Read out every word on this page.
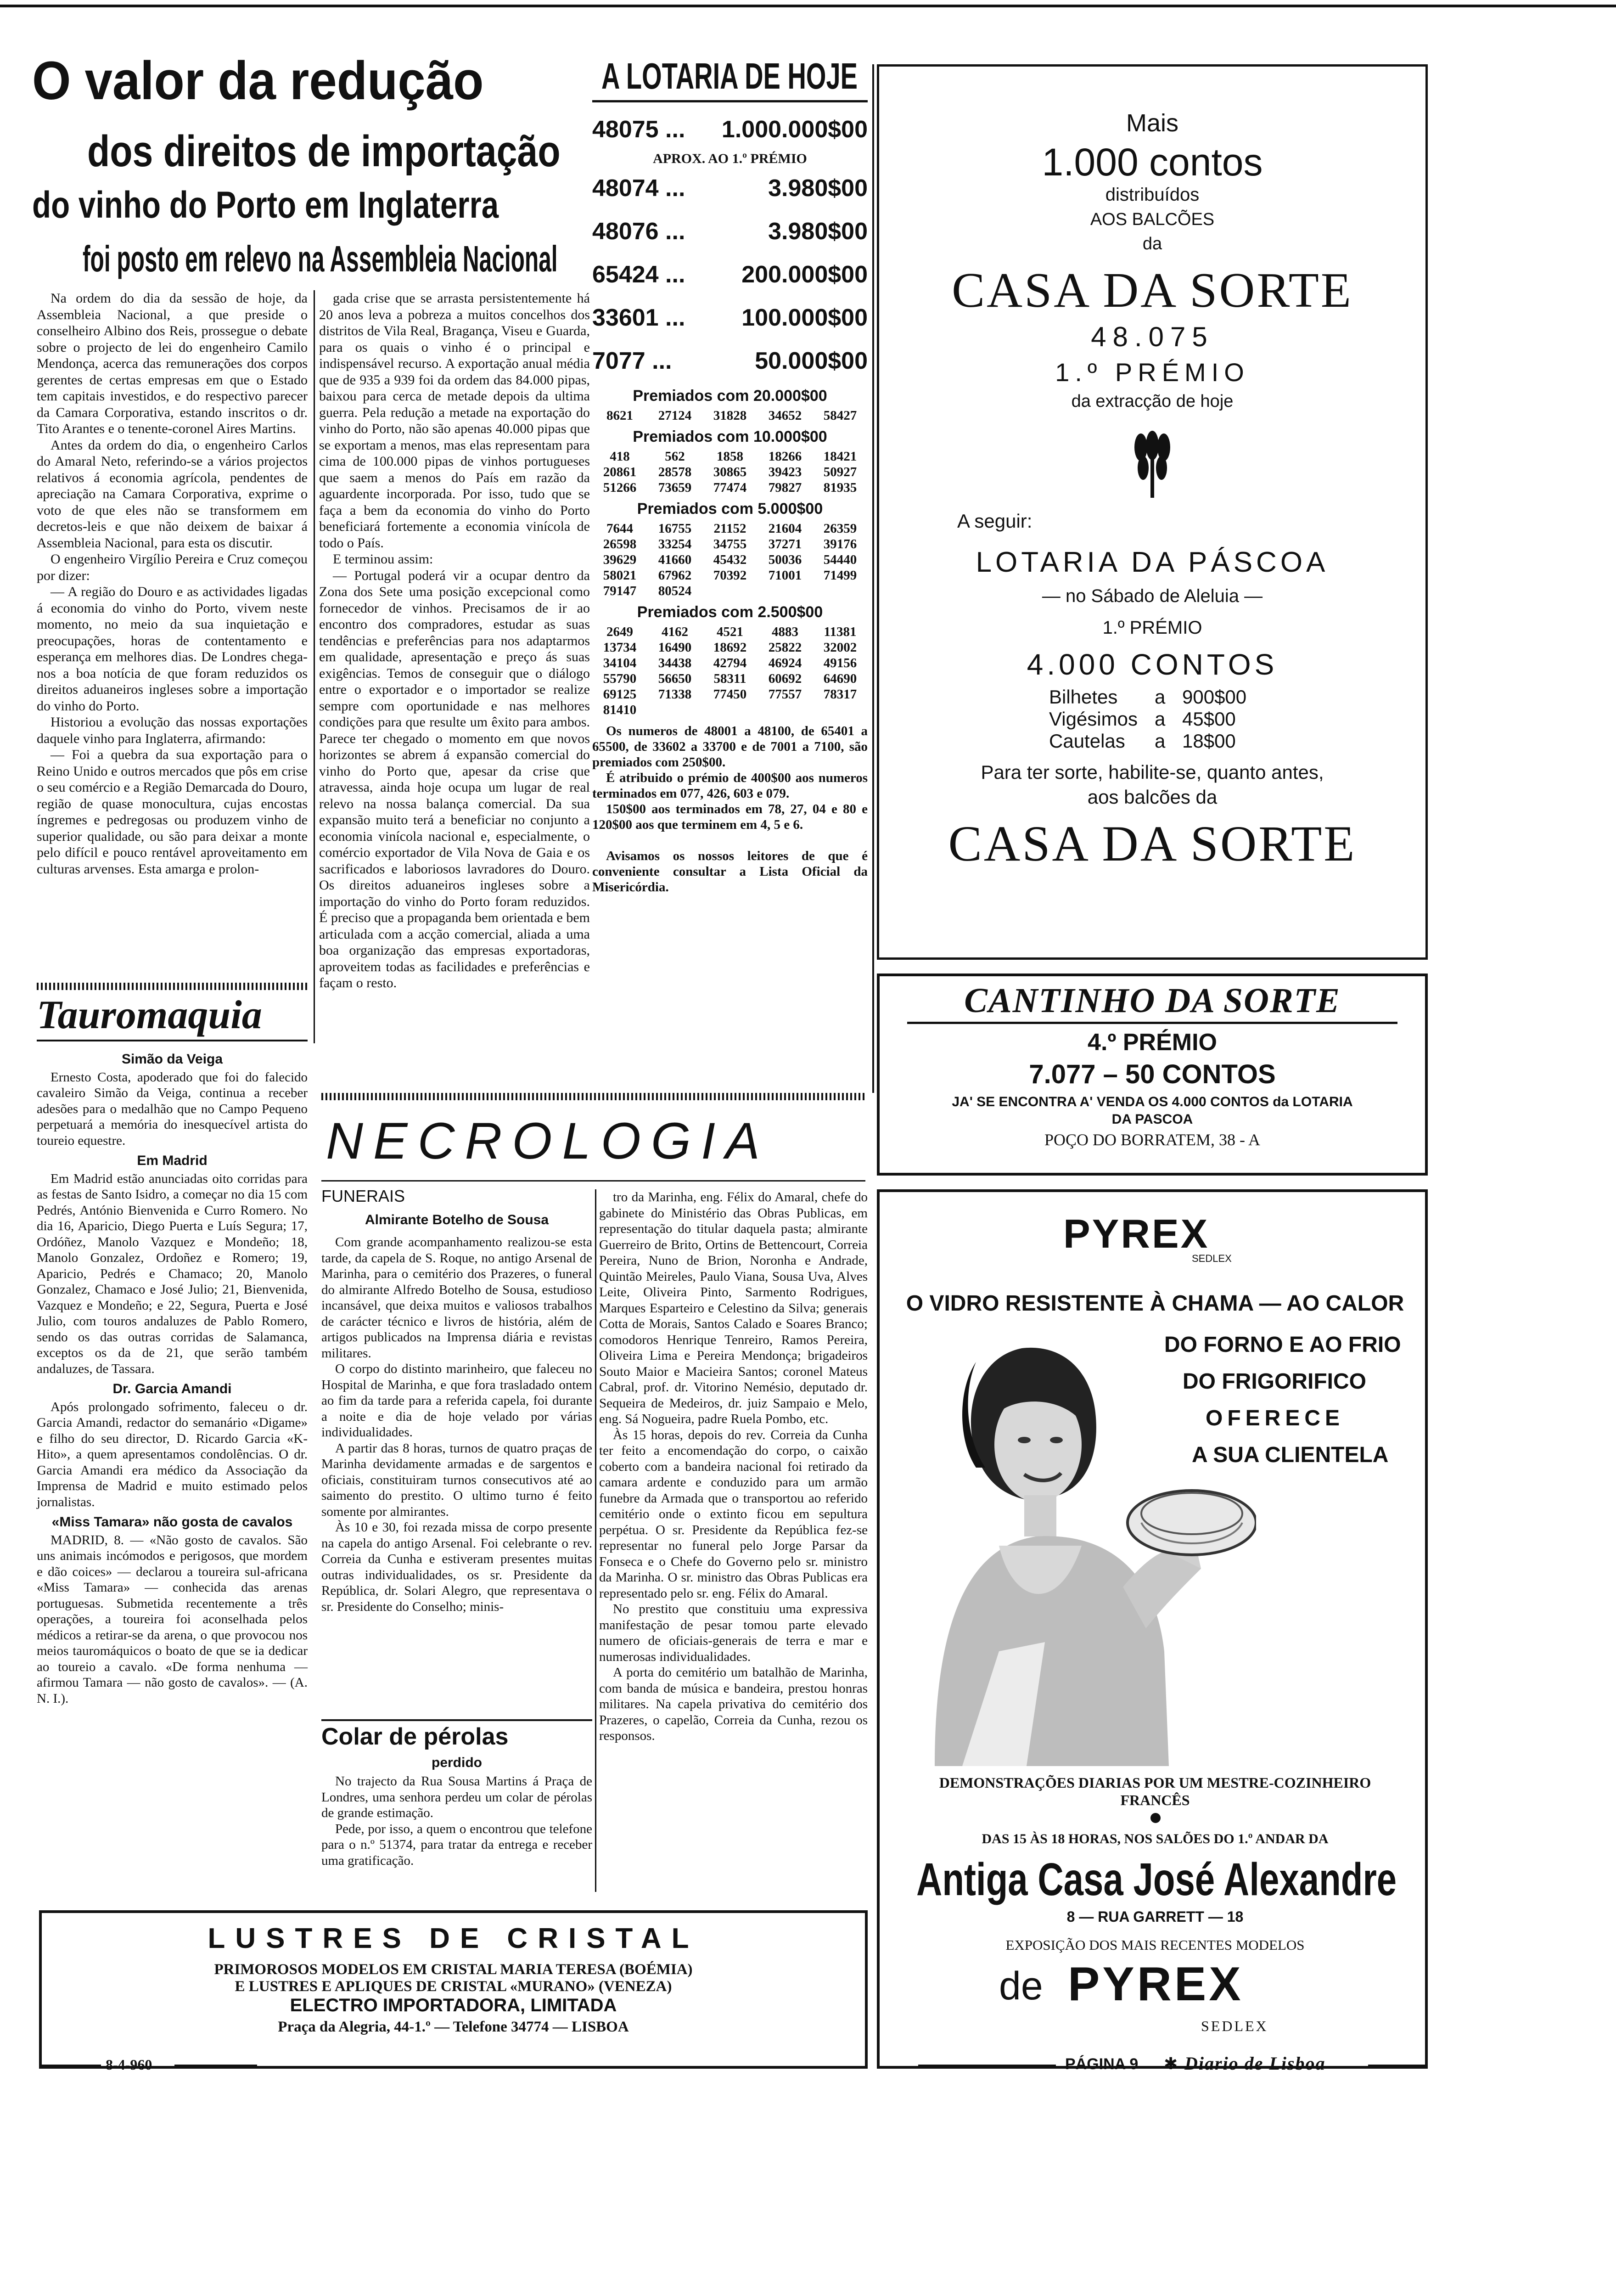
O valor da redução
dos direitos de importação
do vinho do Porto em Inglaterra
foi posto em relevo na Assembleia Nacional

Na ordem do dia da sessão de hoje, da Assembleia Nacional, a que preside o conselheiro Albino dos Reis, prossegue o debate sobre o projecto de lei do engenheiro Camilo Mendonça, acerca das remunerações dos corpos gerentes de certas empresas em que o Estado tem capitais investidos, e do respectivo parecer da Camara Corporativa, estando inscritos o dr. Tito Arantes e o tenente-coronel Aires Martins.

Antes da ordem do dia, o engenheiro Carlos do Amaral Neto, referindo-se a vários projectos relativos á economia agrícola, pendentes de apreciação na Camara Corporativa, exprime o voto de que eles não se transformem em decretos-leis e que não deixem de baixar á Assembleia Nacional, para esta os discutir.

O engenheiro Virgílio Pereira e Cruz começou por dizer:

— A região do Douro e as actividades ligadas á economia do vinho do Porto, vivem neste momento, no meio da sua inquietação e preocupações, horas de contentamento e esperança em melhores dias. De Londres chega-nos a boa notícia de que foram reduzidos os direitos aduaneiros ingleses sobre a importação do vinho do Porto.

Historiou a evolução das nossas exportações daquele vinho para Inglaterra, afirmando:

— Foi a quebra da sua exportação para o Reino Unido e outros mercados que pôs em crise o seu comércio e a Região Demarcada do Douro, região de quase monocultura, cujas encostas íngremes e pedregosas ou produzem vinho de superior qualidade, ou são para deixar a monte pelo difícil e pouco rentável aproveitamento em culturas arvenses. Esta amarga e prolon-

gada crise que se arrasta persistentemente há 20 anos leva a pobreza a muitos concelhos dos distritos de Vila Real, Bragança, Viseu e Guarda, para os quais o vinho é o principal e indispensável recurso. A exportação anual média que de 935 a 939 foi da ordem das 84.000 pipas, baixou para cerca de metade depois da ultima guerra. Pela redução a metade na exportação do vinho do Porto, não são apenas 40.000 pipas que se exportam a menos, mas elas representam para cima de 100.000 pipas de vinhos portugueses que saem a menos do País em razão da aguardente incorporada. Por isso, tudo que se faça a bem da economia do vinho do Porto beneficiará fortemente a economia vinícola de todo o País.

E terminou assim:

— Portugal poderá vir a ocupar dentro da Zona dos Sete uma posição excepcional como fornecedor de vinhos. Precisamos de ir ao encontro dos compradores, estudar as suas tendências e preferências para nos adaptarmos em qualidade, apresentação e preço ás suas exigências. Temos de conseguir que o diálogo entre o exportador e o importador se realize sempre com oportunidade e nas melhores condições para que resulte um êxito para ambos. Parece ter chegado o momento em que novos horizontes se abrem á expansão comercial do vinho do Porto que, apesar da crise que atravessa, ainda hoje ocupa um lugar de real relevo na nossa balança comercial. Da sua expansão muito terá a beneficiar no conjunto a economia vinícola nacional e, especialmente, o comércio exportador de Vila Nova de Gaia e os sacrificados e laboriosos lavradores do Douro. Os direitos aduaneiros ingleses sobre a importação do vinho do Porto foram reduzidos. É preciso que a propaganda bem orientada e bem articulada com a acção comercial, aliada a uma boa organização das empresas exportadoras, aproveitem todas as facilidades e preferências e façam o resto.

Tauromaquia
Simão da Veiga

Ernesto Costa, apoderado que foi do falecido cavaleiro Simão da Veiga, continua a receber adesões para o medalhão que no Campo Pequeno perpetuará a memória do inesquecível artista do toureio equestre.

Em Madrid

Em Madrid estão anunciadas oito corridas para as festas de Santo Isidro, a começar no dia 15 com Pedrés, António Bienvenida e Curro Romero. No dia 16, Aparicio, Diego Puerta e Luís Segura; 17, Ordóñez, Manolo Vazquez e Mondeño; 18, Manolo Gonzalez, Ordoñez e Romero; 19, Aparicio, Pedrés e Chamaco; 20, Manolo Gonzalez, Chamaco e José Julio; 21, Bienvenida, Vazquez e Mondeño; e 22, Segura, Puerta e José Julio, com touros andaluzes de Pablo Romero, sendo os das outras corridas de Salamanca, exceptos os da de 21, que serão também andaluzes, de Tassara.

Dr. Garcia Amandi

Após prolongado sofrimento, faleceu o dr. Garcia Amandi, redactor do semanário «Digame» e filho do seu director, D. Ricardo Garcia «K-Hito», a quem apresentamos condolências. O dr. Garcia Amandi era médico da Associação da Imprensa de Madrid e muito estimado pelos jornalistas.

«Miss Tamara» não gosta de cavalos

MADRID, 8. — «Não gosto de cavalos. São uns animais incómodos e perigosos, que mordem e dão coices» — declarou a toureira sul-africana «Miss Tamara» — conhecida das arenas portuguesas. Submetida recentemente a três operações, a toureira foi aconselhada pelos médicos a retirar-se da arena, o que provocou nos meios tauromáquicos o boato de que se ia dedicar ao toureio a cavalo. «De forma nenhuma — afirmou Tamara — não gosto de cavalos». — (A. N. I.).

A LOTARIA DE HOJE
48075 ... 1.000.000$00
APROX. AO 1.º PRÉMIO
48074 ...	3.980$00
48076 ...	3.980$00
65424 ... 200.000$00
33601 ... 100.000$00
7077 ...	50.000$00
Premiados com 20.000$00
8621	27124	31828	34652	58427
Premiados com 10.000$00
418	562	1858	18266	18421
20861	28578	30865	39423	50927
51266	73659	77474	79827	81935
Premiados com 5.000$00
7644	16755	21152	21604	26359
26598	33254	34755	37271	39176
39629	41660	45432	50036	54440
58021	67962	70392	71001	71499
79147	80524
Premiados com 2.500$00
2649	4162	4521	4883	11381
13734	16490	18692	25822	32002
34104	34438	42794	46924	49156
55790	56650	58311	60692	64690
69125	71338	77450	77557	78317
81410

Os numeros de 48001 a 48100, de 65401 a 65500, de 33602 a 33700 e de 7001 a 7100, são premiados com 250$00.

É atribuido o prémio de 400$00 aos numeros terminados em 077, 426, 603 e 079.

150$00 aos terminados em 78, 27, 04 e 80 e 120$00 aos que terminem em 4, 5 e 6.

Avisamos os nossos leitores de que é conveniente consultar a Lista Oficial da Misericórdia.

Mais
1.000 contos
distribuídos
AOS BALCÕES
da
CASA DA SORTE
48.075
1.º PRÉMIO
da extracção de hoje
A seguir:
LOTARIA DA PÁSCOA
— no Sábado de Aleluia —
1.º PRÉMIO
4.000 CONTOS
Bilhetes	a 900$00
Vigésimos a 45$00
Cautelas	a 18$00
Para ter sorte, habilite-se, quanto antes,
aos balcões da
CASA DA SORTE
CANTINHO DA SORTE
4.º PRÉMIO
7.077 – 50 CONTOS
JA' SE ENCONTRA A' VENDA OS 4.000 CONTOS da LOTARIA
DA PASCOA
POÇO DO BORRATEM, 38 - A
NECROLOGIA
FUNERAIS
Almirante Botelho de Sousa

Com grande acompanhamento realizou-se esta tarde, da capela de S. Roque, no antigo Arsenal de Marinha, para o cemitério dos Prazeres, o funeral do almirante Alfredo Botelho de Sousa, estudioso incansável, que deixa muitos e valiosos trabalhos de carácter técnico e livros de história, além de artigos publicados na Imprensa diária e revistas militares.

O corpo do distinto marinheiro, que faleceu no Hospital de Marinha, e que fora trasladado ontem ao fim da tarde para a referida capela, foi durante a noite e dia de hoje velado por várias individualidades.

A partir das 8 horas, turnos de quatro praças de Marinha devidamente armadas e de sargentos e oficiais, constituiram turnos consecutivos até ao saimento do prestito. O ultimo turno é feito somente por almirantes.

Às 10 e 30, foi rezada missa de corpo presente na capela do antigo Arsenal. Foi celebrante o rev. Correia da Cunha e estiveram presentes muitas outras individualidades, os sr. Presidente da República, dr. Solari Alegro, que representava o sr. Presidente do Conselho; minis-

tro da Marinha, eng. Félix do Amaral, chefe do gabinete do Ministério das Obras Publicas, em representação do titular daquela pasta; almirante Guerreiro de Brito, Ortins de Bettencourt, Correia Pereira, Nuno de Brion, Noronha e Andrade, Quintão Meireles, Paulo Viana, Sousa Uva, Alves Leite, Oliveira Pinto, Sarmento Rodrigues, Marques Esparteiro e Celestino da Silva; generais Cotta de Morais, Santos Calado e Soares Branco; comodoros Henrique Tenreiro, Ramos Pereira, Oliveira Lima e Pereira Mendonça; brigadeiros Souto Maior e Macieira Santos; coronel Mateus Cabral, prof. dr. Vitorino Nemésio, deputado dr. Sequeira de Medeiros, dr. juiz Sampaio e Melo, eng. Sá Nogueira, padre Ruela Pombo, etc.

Às 15 horas, depois do rev. Correia da Cunha ter feito a encomendação do corpo, o caixão coberto com a bandeira nacional foi retirado da camara ardente e conduzido para um armão funebre da Armada que o transportou ao referido cemitério onde o extinto ficou em sepultura perpétua. O sr. Presidente da República fez-se representar no funeral pelo Jorge Parsar da Fonseca e o Chefe do Governo pelo sr. ministro da Marinha. O sr. ministro das Obras Publicas era representado pelo sr. eng. Félix do Amaral.

No prestito que constituiu uma expressiva manifestação de pesar tomou parte elevado numero de oficiais-generais de terra e mar e numerosas individualidades.

A porta do cemitério um batalhão de Marinha, com banda de música e bandeira, prestou honras militares. Na capela privativa do cemitério dos Prazeres, o capelão, Correia da Cunha, rezou os responsos.

Colar de pérolas
perdido

No trajecto da Rua Sousa Martins á Praça de Londres, uma senhora perdeu um colar de pérolas de grande estimação.

Pede, por isso, a quem o encontrou que telefone para o n.º 51374, para tratar da entrega e receber uma gratificação.

LUSTRES DE CRISTAL
PRIMOROSOS MODELOS EM CRISTAL MARIA TERESA (BOÉMIA)
E LUSTRES E APLIQUES DE CRISTAL «MURANO» (VENEZA)
ELECTRO IMPORTADORA, LIMITADA
Praça da Alegria, 44-1.º — Telefone 34774 — LISBOA
PYREX
SEDLEX
O VIDRO RESISTENTE À CHAMA — AO CALOR
DO FORNO E AO FRIO
DO FRIGORIFICO
OFERECE
A SUA CLIENTELA
DEMONSTRAÇÕES DIARIAS POR UM MESTRE-COZINHEIRO
FRANCÊS
DAS 15 ÀS 18 HORAS, NOS SALÕES DO 1.º ANDAR DA
Antiga Casa José Alexandre
8 — RUA GARRETT — 18
EXPOSIÇÃO DOS MAIS RECENTES MODELOS
de PYREX
SEDLEX
8-4-960	PÁGINA 9 ✱ Diario de Lisboa
